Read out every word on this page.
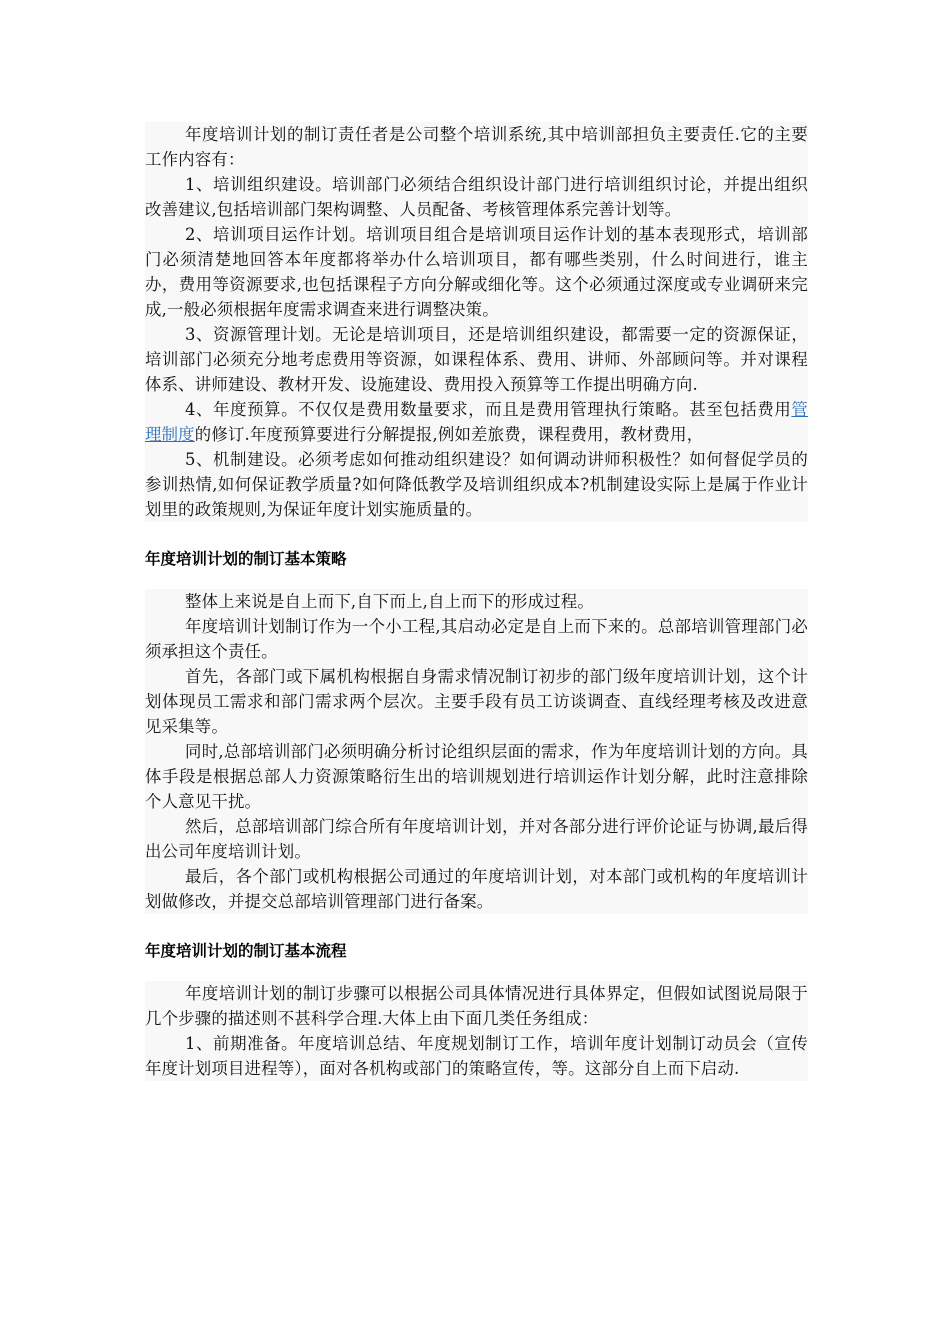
年度培训计划的制订责任者是公司整个培训系统,其中培训部担负主要责任.它的主要工作内容有：

1、培训组织建设。培训部门必须结合组织设计部门进行培训组织讨论，并提出组织改善建议,包括培训部门架构调整、人员配备、考核管理体系完善计划等。

2、培训项目运作计划。培训项目组合是培训项目运作计划的基本表现形式，培训部门必须清楚地回答本年度都将举办什么培训项目，都有哪些类别，什么时间进行，谁主办，费用等资源要求,也包括课程子方向分解或细化等。这个必须通过深度或专业调研来完成,一般必须根据年度需求调查来进行调整决策。

3、资源管理计划。无论是培训项目，还是培训组织建设，都需要一定的资源保证，培训部门必须充分地考虑费用等资源，如课程体系、费用、讲师、外部顾问等。并对课程体系、讲师建设、教材开发、设施建设、费用投入预算等工作提出明确方向.

4、年度预算。不仅仅是费用数量要求，而且是费用管理执行策略。甚至包括费用管理制度的修订.年度预算要进行分解提报,例如差旅费，课程费用，教材费用，

5、机制建设。必须考虑如何推动组织建设？如何调动讲师积极性？如何督促学员的参训热情,如何保证教学质量?如何降低教学及培训组织成本?机制建设实际上是属于作业计划里的政策规则,为保证年度计划实施质量的。

年度培训计划的制订基本策略

整体上来说是自上而下,自下而上,自上而下的形成过程。

年度培训计划制订作为一个小工程,其启动必定是自上而下来的。总部培训管理部门必须承担这个责任。

首先，各部门或下属机构根据自身需求情况制订初步的部门级年度培训计划，这个计划体现员工需求和部门需求两个层次。主要手段有员工访谈调查、直线经理考核及改进意见采集等。

同时,总部培训部门必须明确分析讨论组织层面的需求，作为年度培训计划的方向。具体手段是根据总部人力资源策略衍生出的培训规划进行培训运作计划分解，此时注意排除个人意见干扰。

然后，总部培训部门综合所有年度培训计划，并对各部分进行评价论证与协调,最后得出公司年度培训计划。

最后，各个部门或机构根据公司通过的年度培训计划，对本部门或机构的年度培训计划做修改，并提交总部培训管理部门进行备案。

年度培训计划的制订基本流程

年度培训计划的制订步骤可以根据公司具体情况进行具体界定，但假如试图说局限于几个步骤的描述则不甚科学合理.大体上由下面几类任务组成：

1、前期准备。年度培训总结、年度规划制订工作，培训年度计划制订动员会（宣传年度计划项目进程等），面对各机构或部门的策略宣传，等。这部分自上而下启动.
